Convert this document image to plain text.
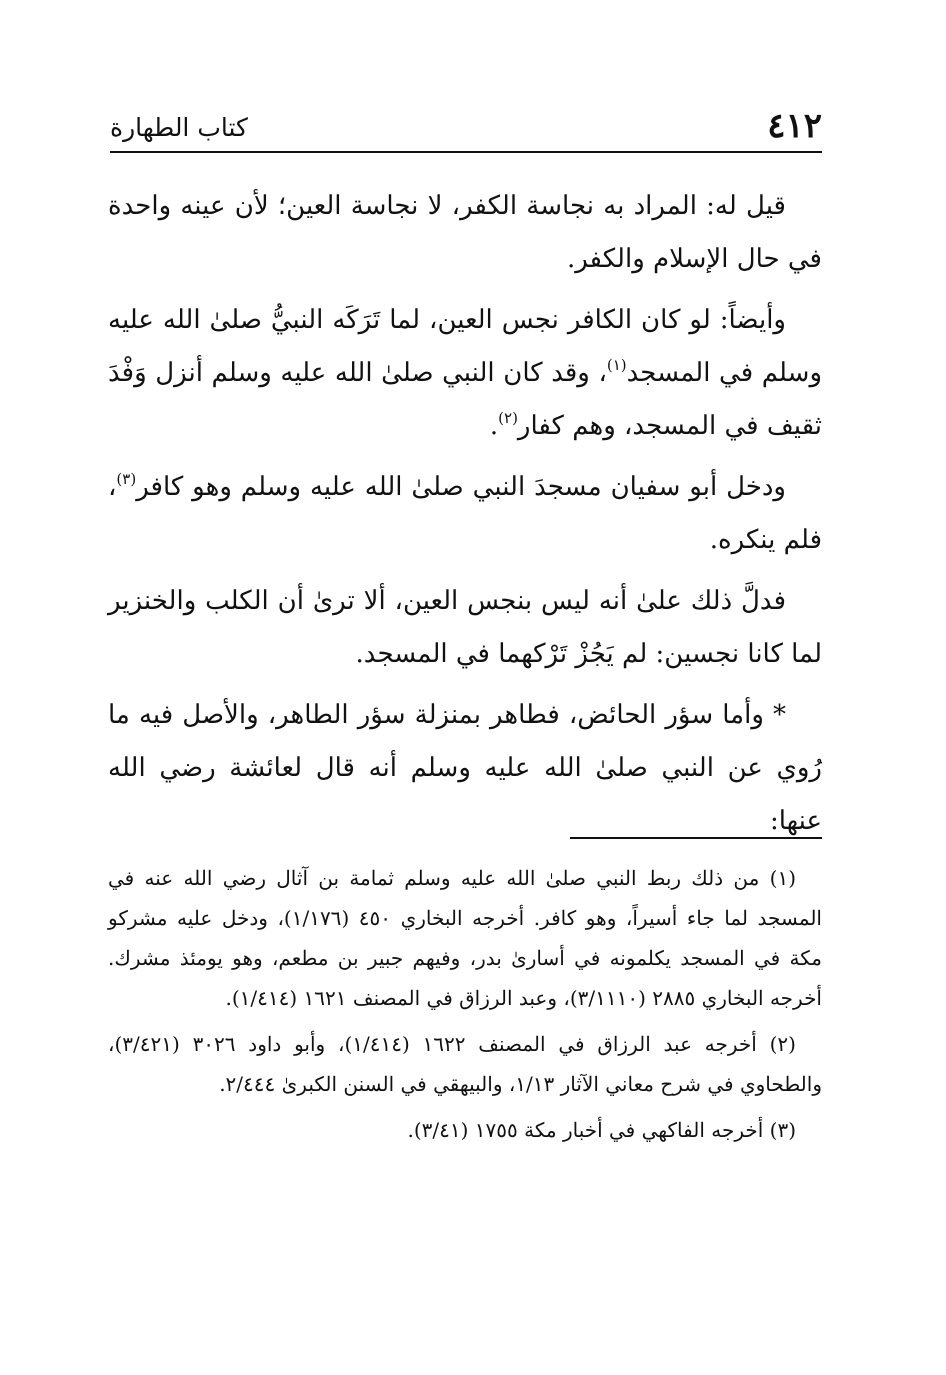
٤١٢
كتاب الطهارة

قيل له: المراد به نجاسة الكفر، لا نجاسة العين؛ لأن عينه واحدة في حال الإسلام والكفر.

وأيضاً: لو كان الكافر نجس العين، لما تَرَكَه النبيُّ صلىٰ الله عليه وسلم في المسجد$^{(١)}$، وقد كان النبي صلىٰ الله عليه وسلم أنزل وَفْدَ ثقيف في المسجد، وهم كفار$^{(٢)}$.

ودخل أبو سفيان مسجدَ النبي صلىٰ الله عليه وسلم وهو كافر$^{(٣)}$، فلم ينكره.

فدلَّ ذلك علىٰ أنه ليس بنجس العين، ألا ترىٰ أن الكلب والخنزير لما كانا نجسين: لم يَجُزْ تَرْكهما في المسجد.

* وأما سؤر الحائض، فطاهر بمنزلة سؤر الطاهر، والأصل فيه ما رُوي عن النبي صلىٰ الله عليه وسلم أنه قال لعائشة رضي الله عنها:

(١) من ذلك ربط النبي صلىٰ الله عليه وسلم ثمامة بن آثال رضي الله عنه في المسجد لما جاء أسيراً، وهو كافر. أخرجه البخاري ٤٥٠ (١/١٧٦)، ودخل عليه مشركو مكة في المسجد يكلمونه في أسارىٰ بدر، وفيهم جبير بن مطعم، وهو يومئذ مشرك. أخرجه البخاري ٢٨٨٥ (٣/١١١٠)، وعبد الرزاق في المصنف ١٦٢١ (١/٤١٤).

(٢) أخرجه عبد الرزاق في المصنف ١٦٢٢ (١/٤١٤)، وأبو داود ٣٠٢٦ (٣/٤٢١)، والطحاوي في شرح معاني الآثار ١/١٣، والبيهقي في السنن الكبرىٰ ٢/٤٤٤.

(٣) أخرجه الفاكهي في أخبار مكة ١٧٥٥ (٣/٤١).
